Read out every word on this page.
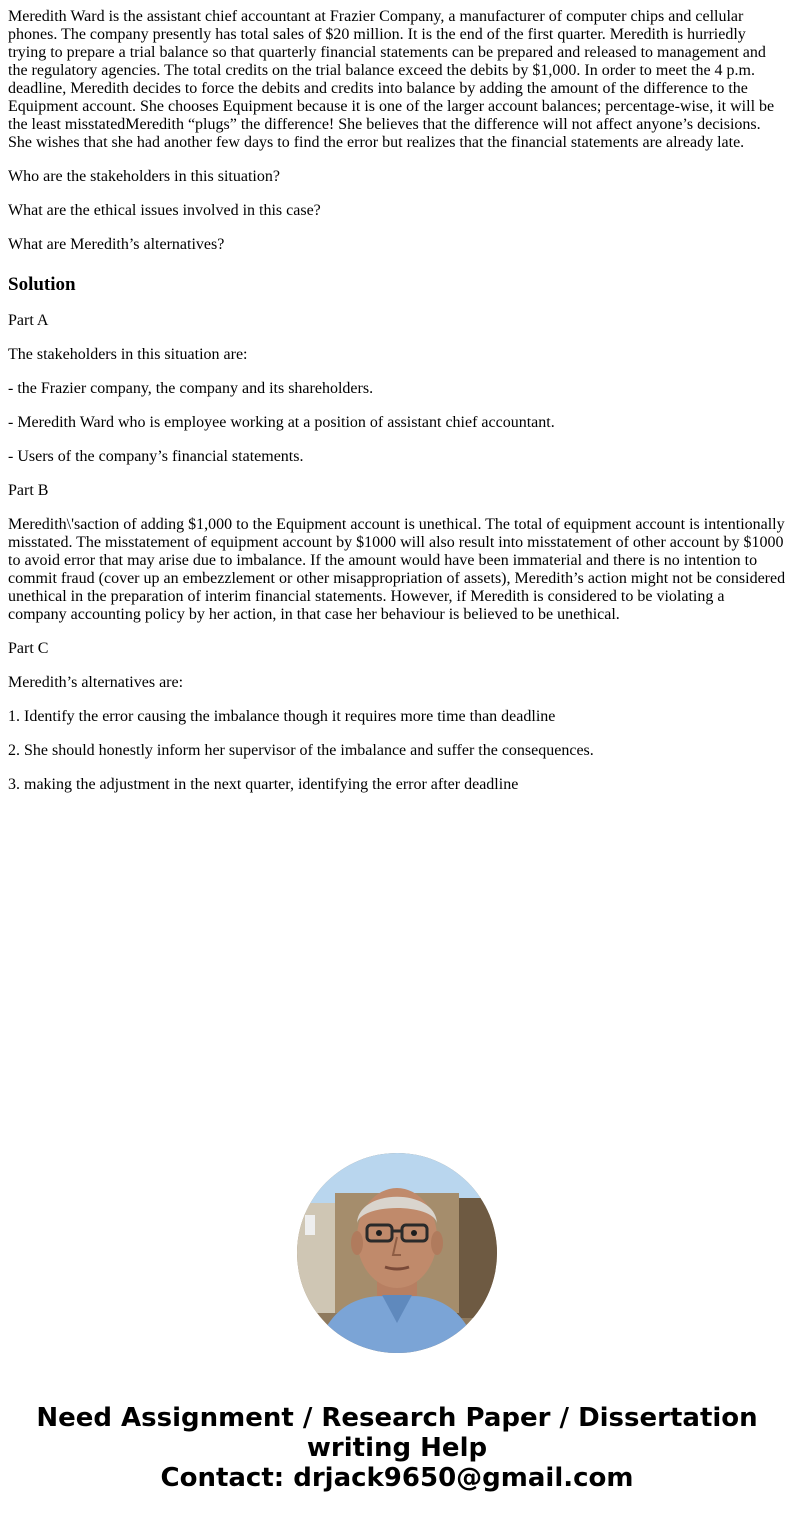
Meredith Ward is the assistant chief accountant at Frazier Company, a manufacturer of computer chips and cellular phones. The company presently has total sales of $20 million. It is the end of the first quarter. Meredith is hurriedly trying to prepare a trial balance so that quarterly financial statements can be prepared and released to management and the regulatory agencies. The total credits on the trial balance exceed the debits by $1,000. In order to meet the 4 p.m. deadline, Meredith decides to force the debits and credits into balance by adding the amount of the difference to the Equipment account. She chooses Equipment because it is one of the larger account balances; percentage-wise, it will be the least misstatedMeredith “plugs” the difference! She believes that the difference will not affect anyone’s decisions. She wishes that she had another few days to find the error but realizes that the financial statements are already late.

Who are the stakeholders in this situation?

What are the ethical issues involved in this case?

What are Meredith’s alternatives?

Solution

Part A

The stakeholders in this situation are:

- the Frazier company, the company and its shareholders.

- Meredith Ward who is employee working at a position of assistant chief accountant.

- Users of the company’s financial statements.

Part B

Meredith\'saction of adding $1,000 to the Equipment account is unethical. The total of equipment account is intentionally misstated. The misstatement of equipment account by $1000 will also result into misstatement of other account by $1000 to avoid error that may arise due to imbalance. If the amount would have been immaterial and there is no intention to commit fraud (cover up an embezzlement or other misappropriation of assets), Meredith’s action might not be considered unethical in the preparation of interim financial statements. However, if Meredith is considered to be violating a company accounting policy by her action, in that case her behaviour is believed to be unethical.

Part C

Meredith’s alternatives are:

1. Identify the error causing the imbalance though it requires more time than deadline

2. She should honestly inform her supervisor of the imbalance and suffer the consequences.

3. making the adjustment in the next quarter, identifying the error after deadline

Need Assignment / Research Paper / Dissertation
writing Help
Contact: drjack9650@gmail.com
